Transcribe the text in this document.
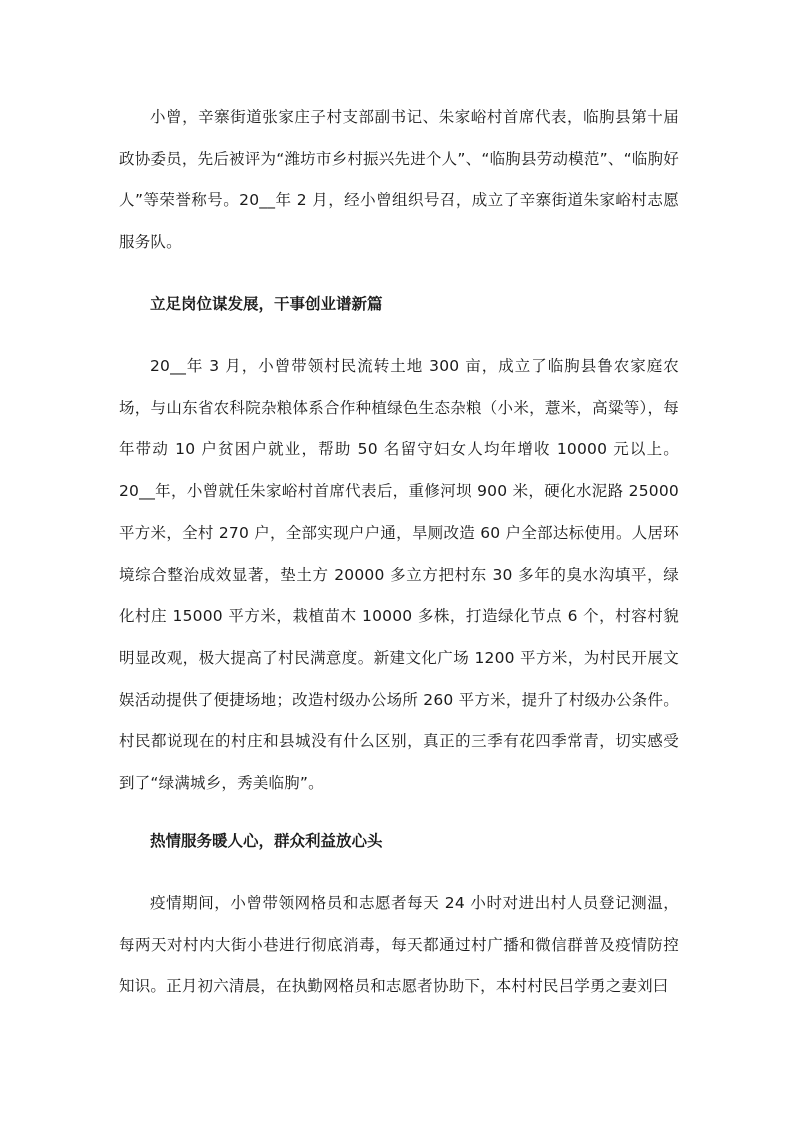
小曾，辛寨街道张家庄子村支部副书记、朱家峪村首席代表，临朐县第十届政协委员，先后被评为“潍坊市乡村振兴先进个人”、“临朐县劳动模范”、“临朐好人”等荣誉称号。20__年 2 月，经小曾组织号召，成立了辛寨街道朱家峪村志愿服务队。

立足岗位谋发展，干事创业谱新篇

20__年 3 月，小曾带领村民流转土地 300 亩，成立了临朐县鲁农家庭农场，与山东省农科院杂粮体系合作种植绿色生态杂粮（小米，薏米，高粱等），每年带动 10 户贫困户就业，帮助 50 名留守妇女人均年增收 10000 元以上。20__年，小曾就任朱家峪村首席代表后，重修河坝 900 米，硬化水泥路 25000 平方米，全村 270 户，全部实现户户通，旱厕改造 60 户全部达标使用。人居环境综合整治成效显著，垫土方 20000 多立方把村东 30 多年的臭水沟填平，绿化村庄 15000 平方米，栽植苗木 10000 多株，打造绿化节点 6 个，村容村貌明显改观，极大提高了村民满意度。新建文化广场 1200 平方米，为村民开展文娱活动提供了便捷场地；改造村级办公场所 260 平方米，提升了村级办公条件。村民都说现在的村庄和县城没有什么区别，真正的三季有花四季常青，切实感受到了“绿满城乡，秀美临朐”。

热情服务暖人心，群众利益放心头

疫情期间，小曾带领网格员和志愿者每天 24 小时对进出村人员登记测温，每两天对村内大街小巷进行彻底消毒，每天都通过村广播和微信群普及疫情防控知识。正月初六清晨，在执勤网格员和志愿者协助下，本村村民吕学勇之妻刘曰
